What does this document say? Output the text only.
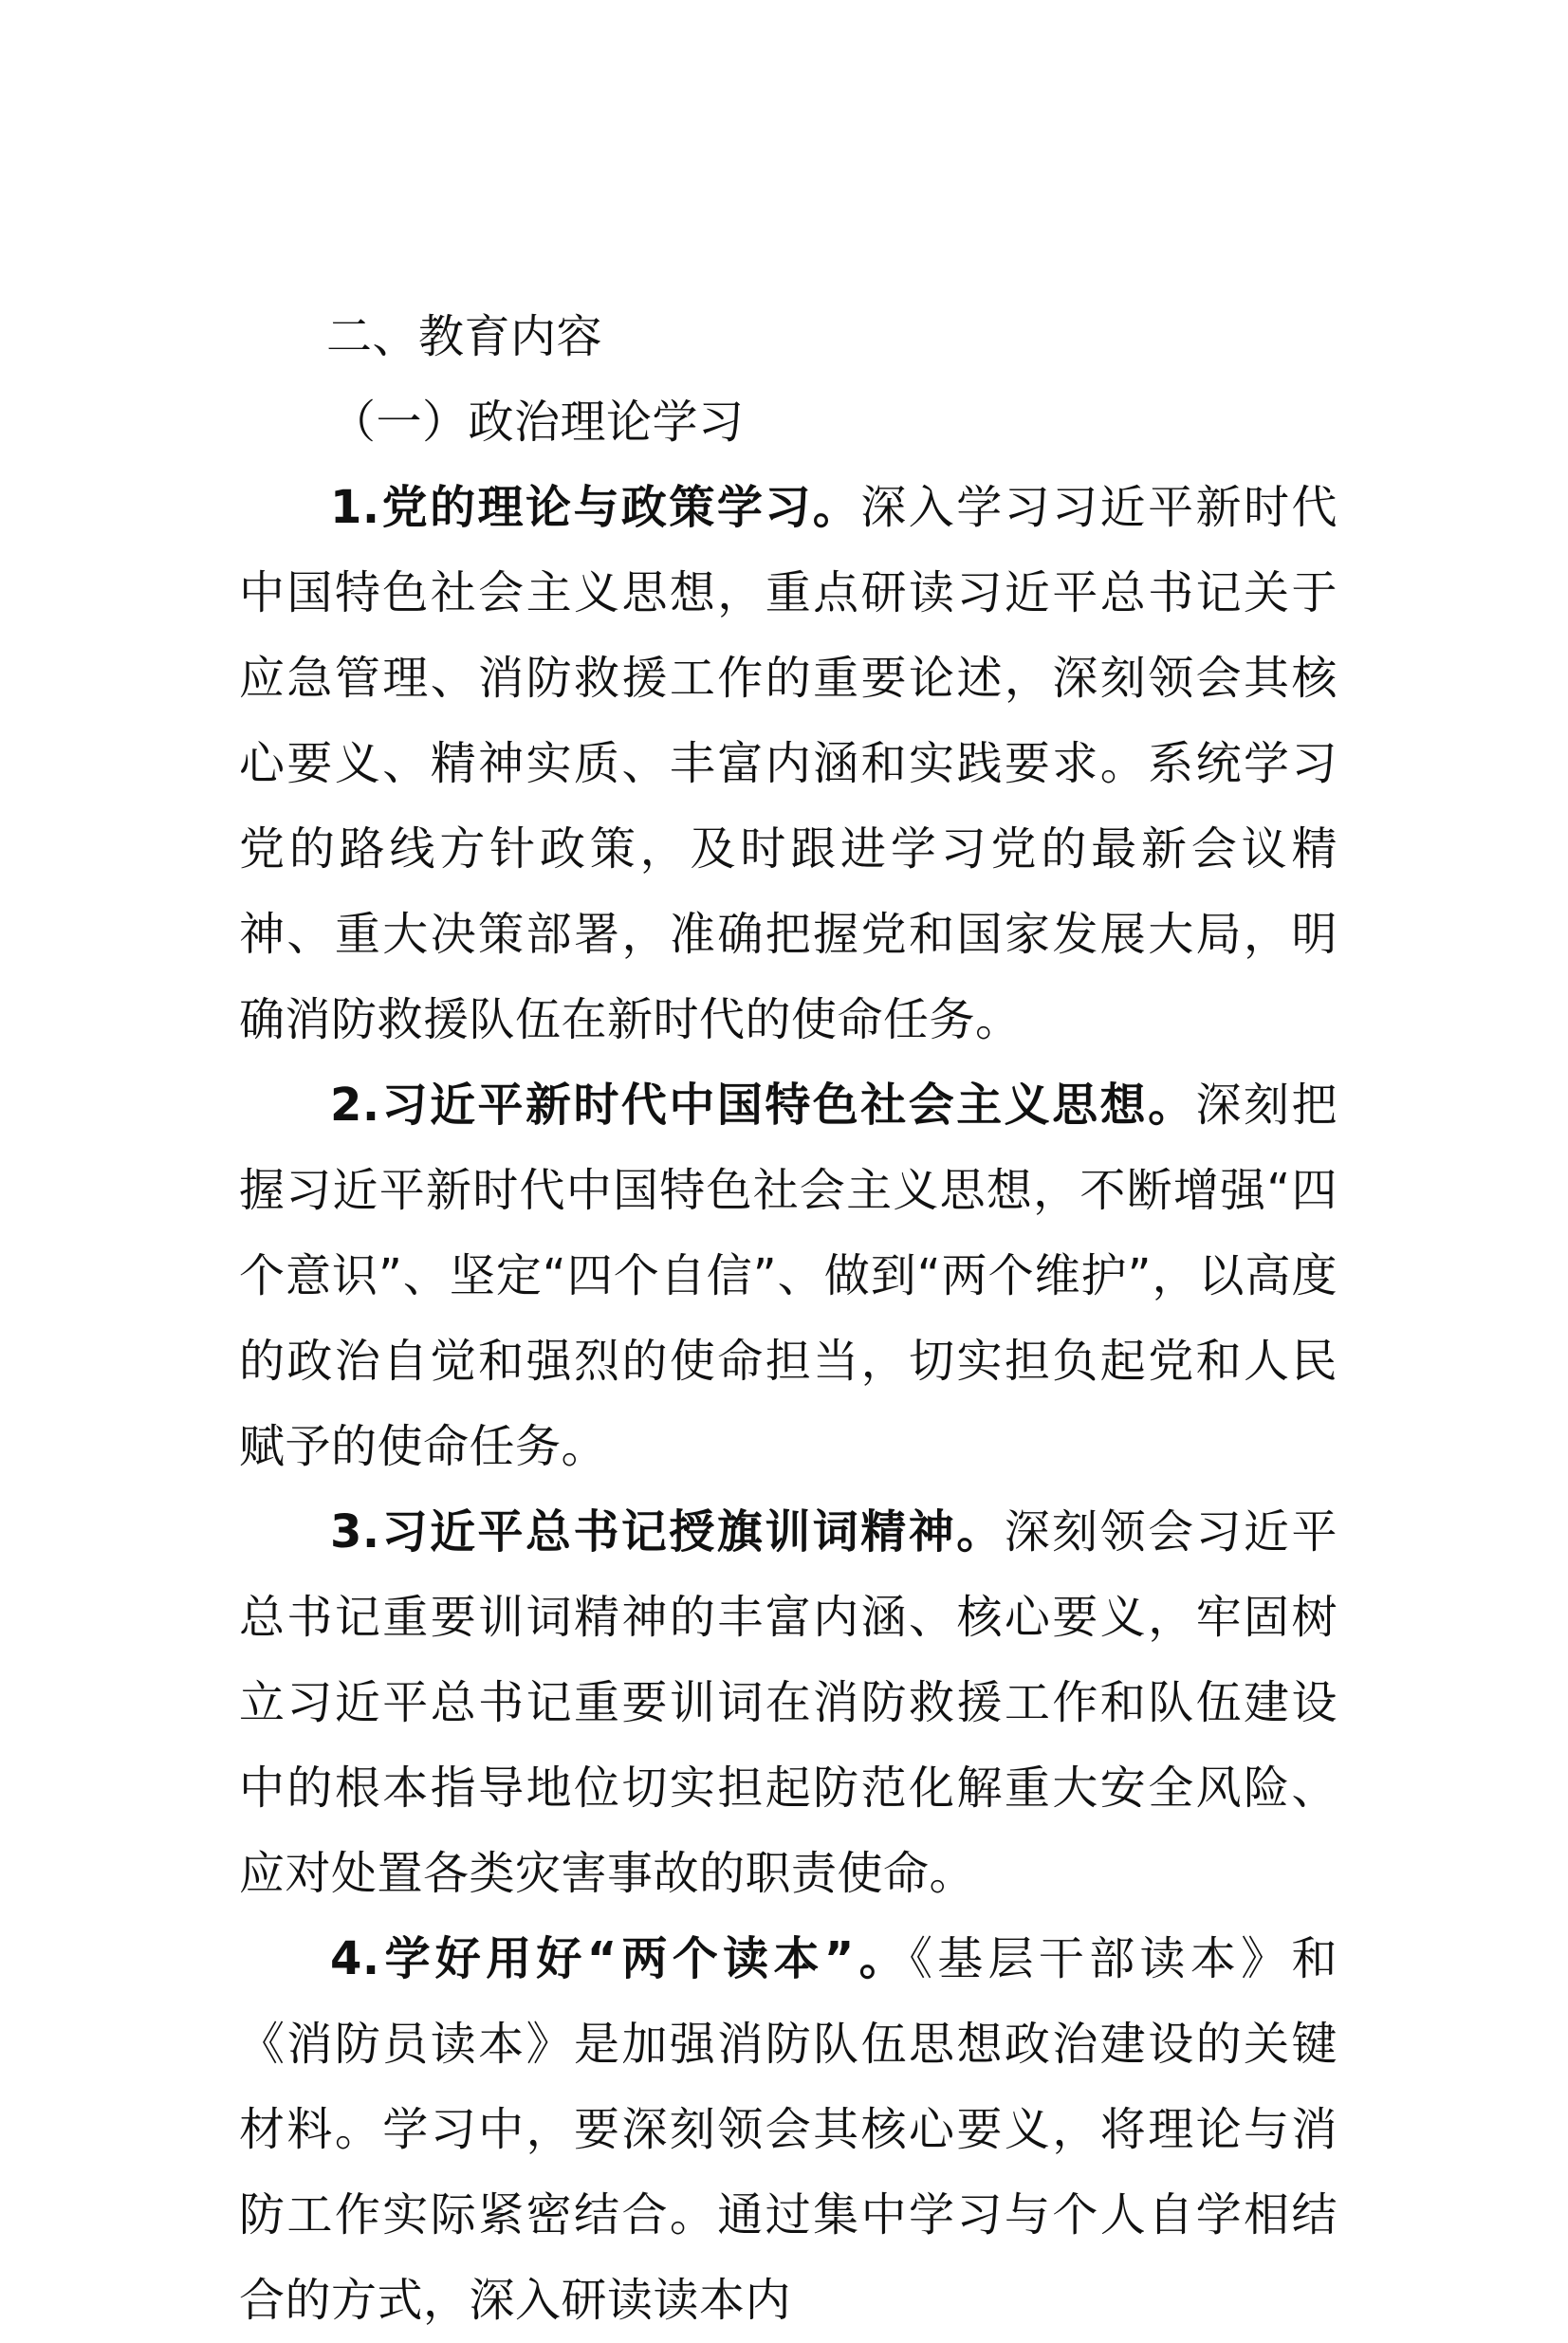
二、教育内容

（一）政治理论学习

1.党的理论与政策学习。深入学习习近平新时代中国特色社会主义思想，重点研读习近平总书记关于应急管理、消防救援工作的重要论述，深刻领会其核心要义、精神实质、丰富内涵和实践要求。系统学习党的路线方针政策，及时跟进学习党的最新会议精神、重大决策部署，准确把握党和国家发展大局，明确消防救援队伍在新时代的使命任务。

2.习近平新时代中国特色社会主义思想。深刻把握习近平新时代中国特色社会主义思想，不断增强“四个意识”、坚定“四个自信”、做到“两个维护”，以高度的政治自觉和强烈的使命担当，切实担负起党和人民赋予的使命任务。

3.习近平总书记授旗训词精神。深刻领会习近平总书记重要训词精神的丰富内涵、核心要义，牢固树立习近平总书记重要训词在消防救援工作和队伍建设中的根本指导地位切实担起防范化解重大安全风险、应对处置各类灾害事故的职责使命。

4.学好用好“两个读本”。《基层干部读本》和《消防员读本》是加强消防队伍思想政治建设的关键材料。学习中，要深刻领会其核心要义，将理论与消防工作实际紧密结合。通过集中学习与个人自学相结合的方式，深入研读读本内
